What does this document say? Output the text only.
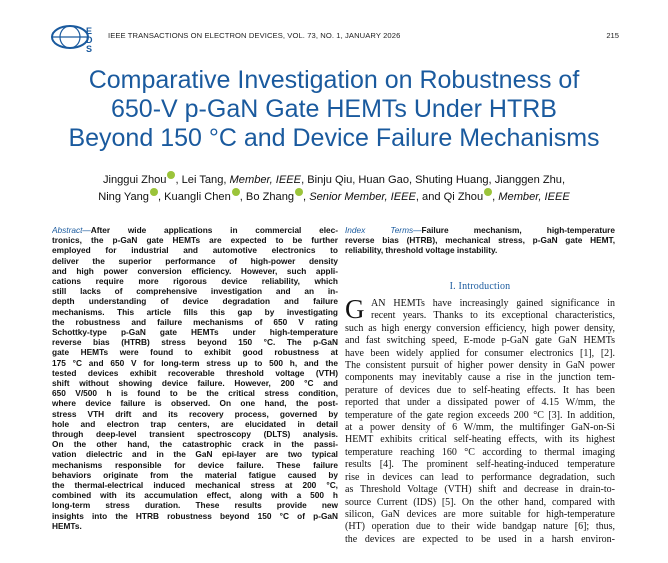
E
D
S
IEEE TRANSACTIONS ON ELECTRON DEVICES, VOL. 73, NO. 1, JANUARY 2026	215
Comparative Investigation on Robustness of
650-V p-GaN Gate HEMTs Under HTRB
Beyond 150 °C and Device Failure Mechanisms
Jinggui Zhou , Lei Tang, Member, IEEE, Binju Qiu, Huan Gao, Shuting Huang, Jianggen Zhu,
Ning Yang , Kuangli Chen , Bo Zhang , Senior Member, IEEE, and Qi Zhou , Member, IEEE
Abstract—After wide applications in commercial elec-
tronics, the p-GaN gate HEMTs are expected to be further
employed for industrial and automotive electronics to
deliver the superior performance of high-power density
and high power conversion efficiency. However, such appli-
cations require more rigorous device reliability, which
still lacks of comprehensive investigation and an in-
depth understanding of device degradation and failure
mechanisms. This article fills this gap by investigating
the robustness and failure mechanisms of 650 V rating
Schottky-type p-GaN gate HEMTs under high-temperature
reverse bias (HTRB) stress beyond 150 °C. The p-GaN
gate HEMTs were found to exhibit good robustness at
175 °C and 650 V for long-term stress up to 500 h, and the
tested devices exhibit recoverable threshold voltage (VTH)
shift without showing device failure. However, 200 °C and
650 V/500 h is found to be the critical stress condition,
where device failure is observed. On one hand, the post-
stress VTH drift and its recovery process, governed by
hole and electron trap centers, are elucidated in detail
through deep-level transient spectroscopy (DLTS) analysis.
On the other hand, the catastrophic crack in the passi-
vation dielectric and in the GaN epi-layer are two typical
mechanisms responsible for device failure. These failure
behaviors originate from the material fatigue caused by
the thermal-electrical induced mechanical stress at 200 °C,
combined with its accumulation effect, along with a 500 h
long-term stress duration. These results provide new
insights into the HTRB robustness beyond 150 °C of p-GaN
HEMTs.
Index Terms—Failure mechanism, high-temperature
reverse bias (HTRB), mechanical stress, p-GaN gate HEMT,
reliability, threshold voltage instability.
I. Introduction
G AN HEMTs have increasingly gained significance in
recent years. Thanks to its exceptional characteristics,
such as high energy conversion efficiency, high power density,
and fast switching speed, E-mode p-GaN gate GaN HEMTs
have been widely applied for consumer electronics [1], [2].
The consistent pursuit of higher power density in GaN power
components may inevitably cause a rise in the junction tem-
perature of devices due to self-heating effects. It has been
reported that under a dissipated power of 4.15 W/mm, the
temperature of the gate region exceeds 200 °C [3]. In addition,
at a power density of 6 W/mm, the multifinger GaN-on-Si
HEMT exhibits critical self-heating effects, with its highest
temperature reaching 160 °C according to thermal imaging
results [4]. The prominent self-heating-induced temperature
rise in devices can lead to performance degradation, such
as Threshold Voltage (VTH) shift and decrease in drain-to-
source Current (IDS) [5]. On the other hand, compared with
silicon, GaN devices are more suitable for high-temperature
(HT) operation due to their wide bandgap nature [6]; thus,
the devices are expected to be used in a harsh environ-
